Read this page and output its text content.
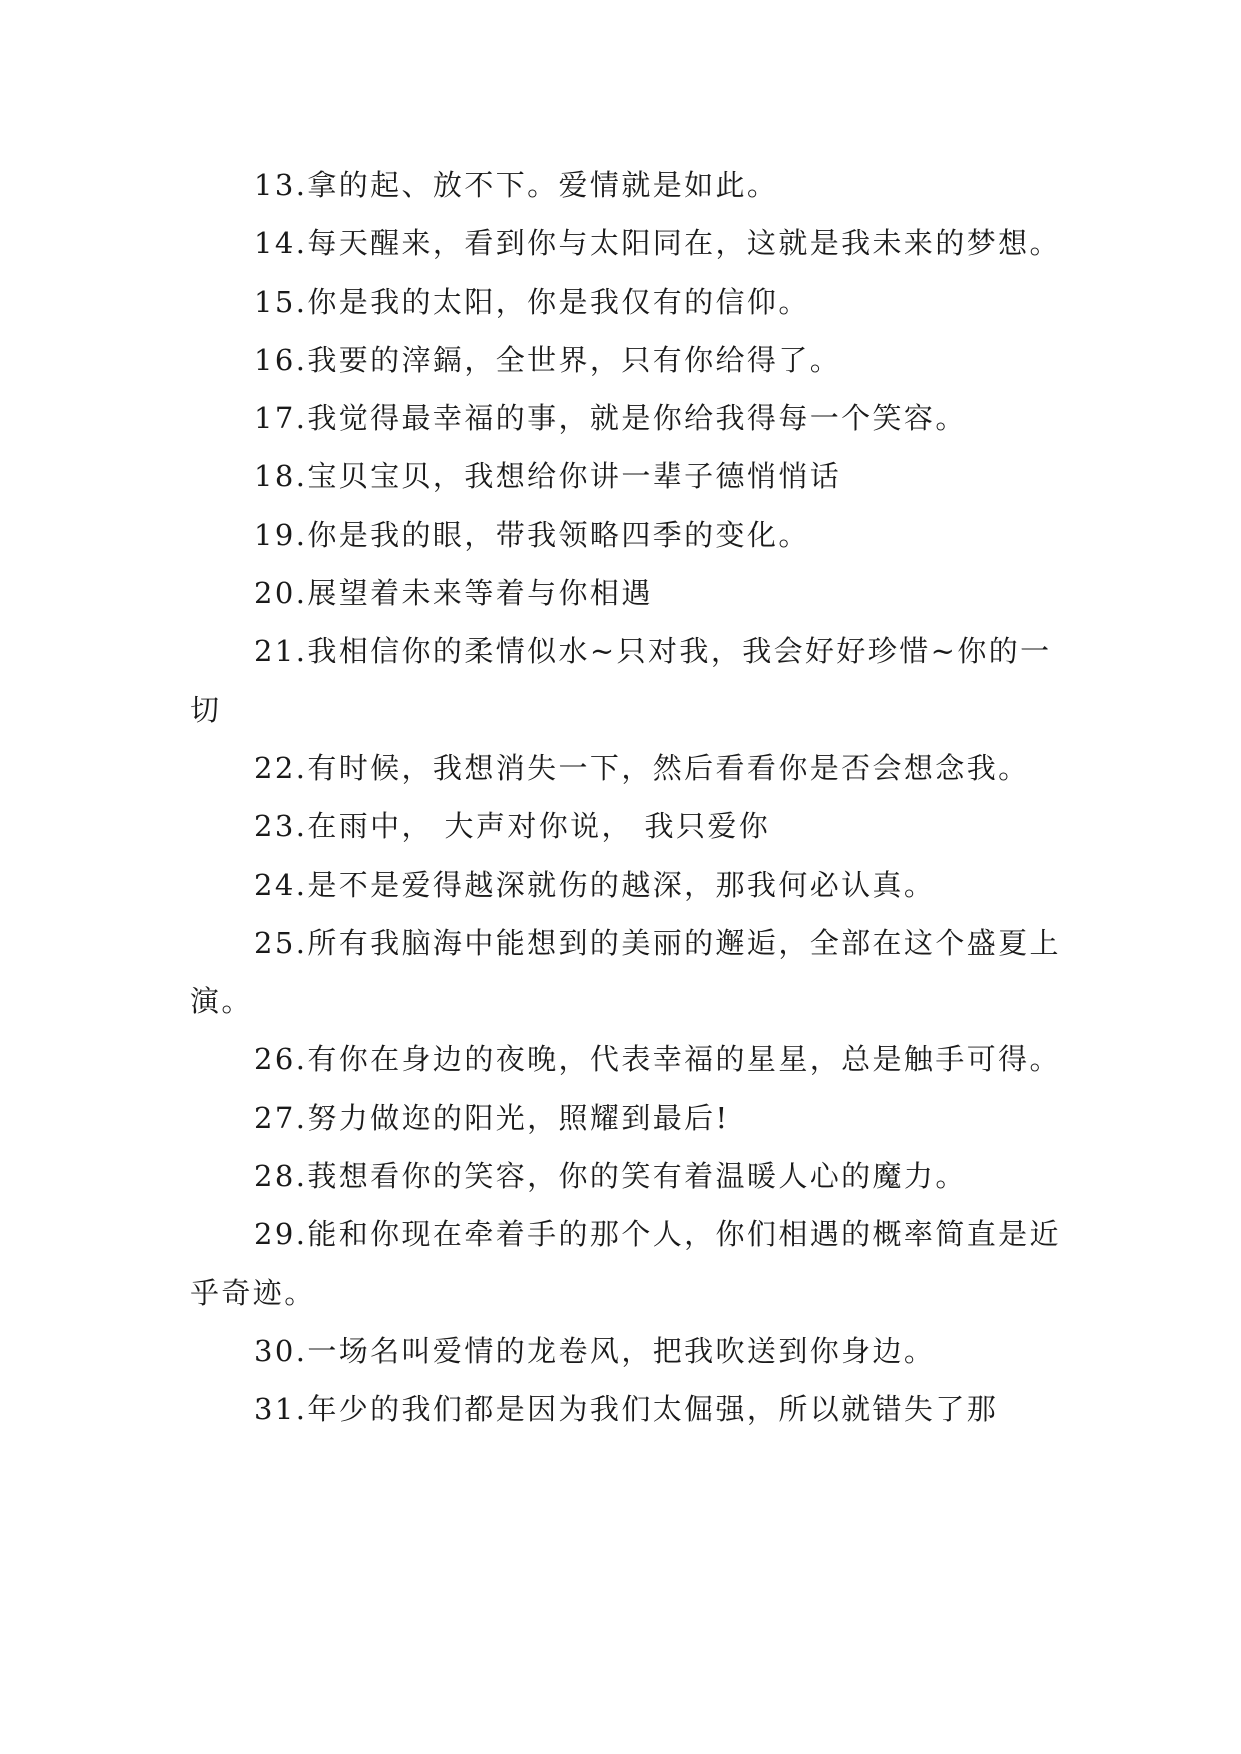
13.拿的起、放不下。爱情就是如此。

14.每天醒来，看到你与太阳同在，这就是我未来的梦想。

15.你是我的太阳，你是我仅有的信仰。

16.我要的滓鎘，全世界，只有你给得了。

17.我觉得最幸福的事，就是你给我得每一个笑容。

18.宝贝宝贝，我想给你讲一辈子德悄悄话

19.你是我的眼，带我领略四季的变化。

20.展望着未来等着与你相遇

21.我相信你的柔情似水~只对我，我会好好珍惜~你的一切

22.有时候，我想消失一下，然后看看你是否会想念我。

23.在雨中， 大声对你说， 我只爱你

24.是不是爱得越深就伤的越深，那我何必认真。

25.所有我脑海中能想到的美丽的邂逅，全部在这个盛夏上演。

26.有你在身边的夜晚，代表幸福的星星，总是触手可得。

27.努力做迩的阳光，照耀到最后!

28.莪想看你的笑容，你的笑有着温暖人心的魔力。

29.能和你现在牵着手的那个人，你们相遇的概率简直是近乎奇迹。

30.一场名叫爱情的龙卷风，把我吹送到你身边。

31.年少的我们都是因为我们太倔强，所以就错失了那
